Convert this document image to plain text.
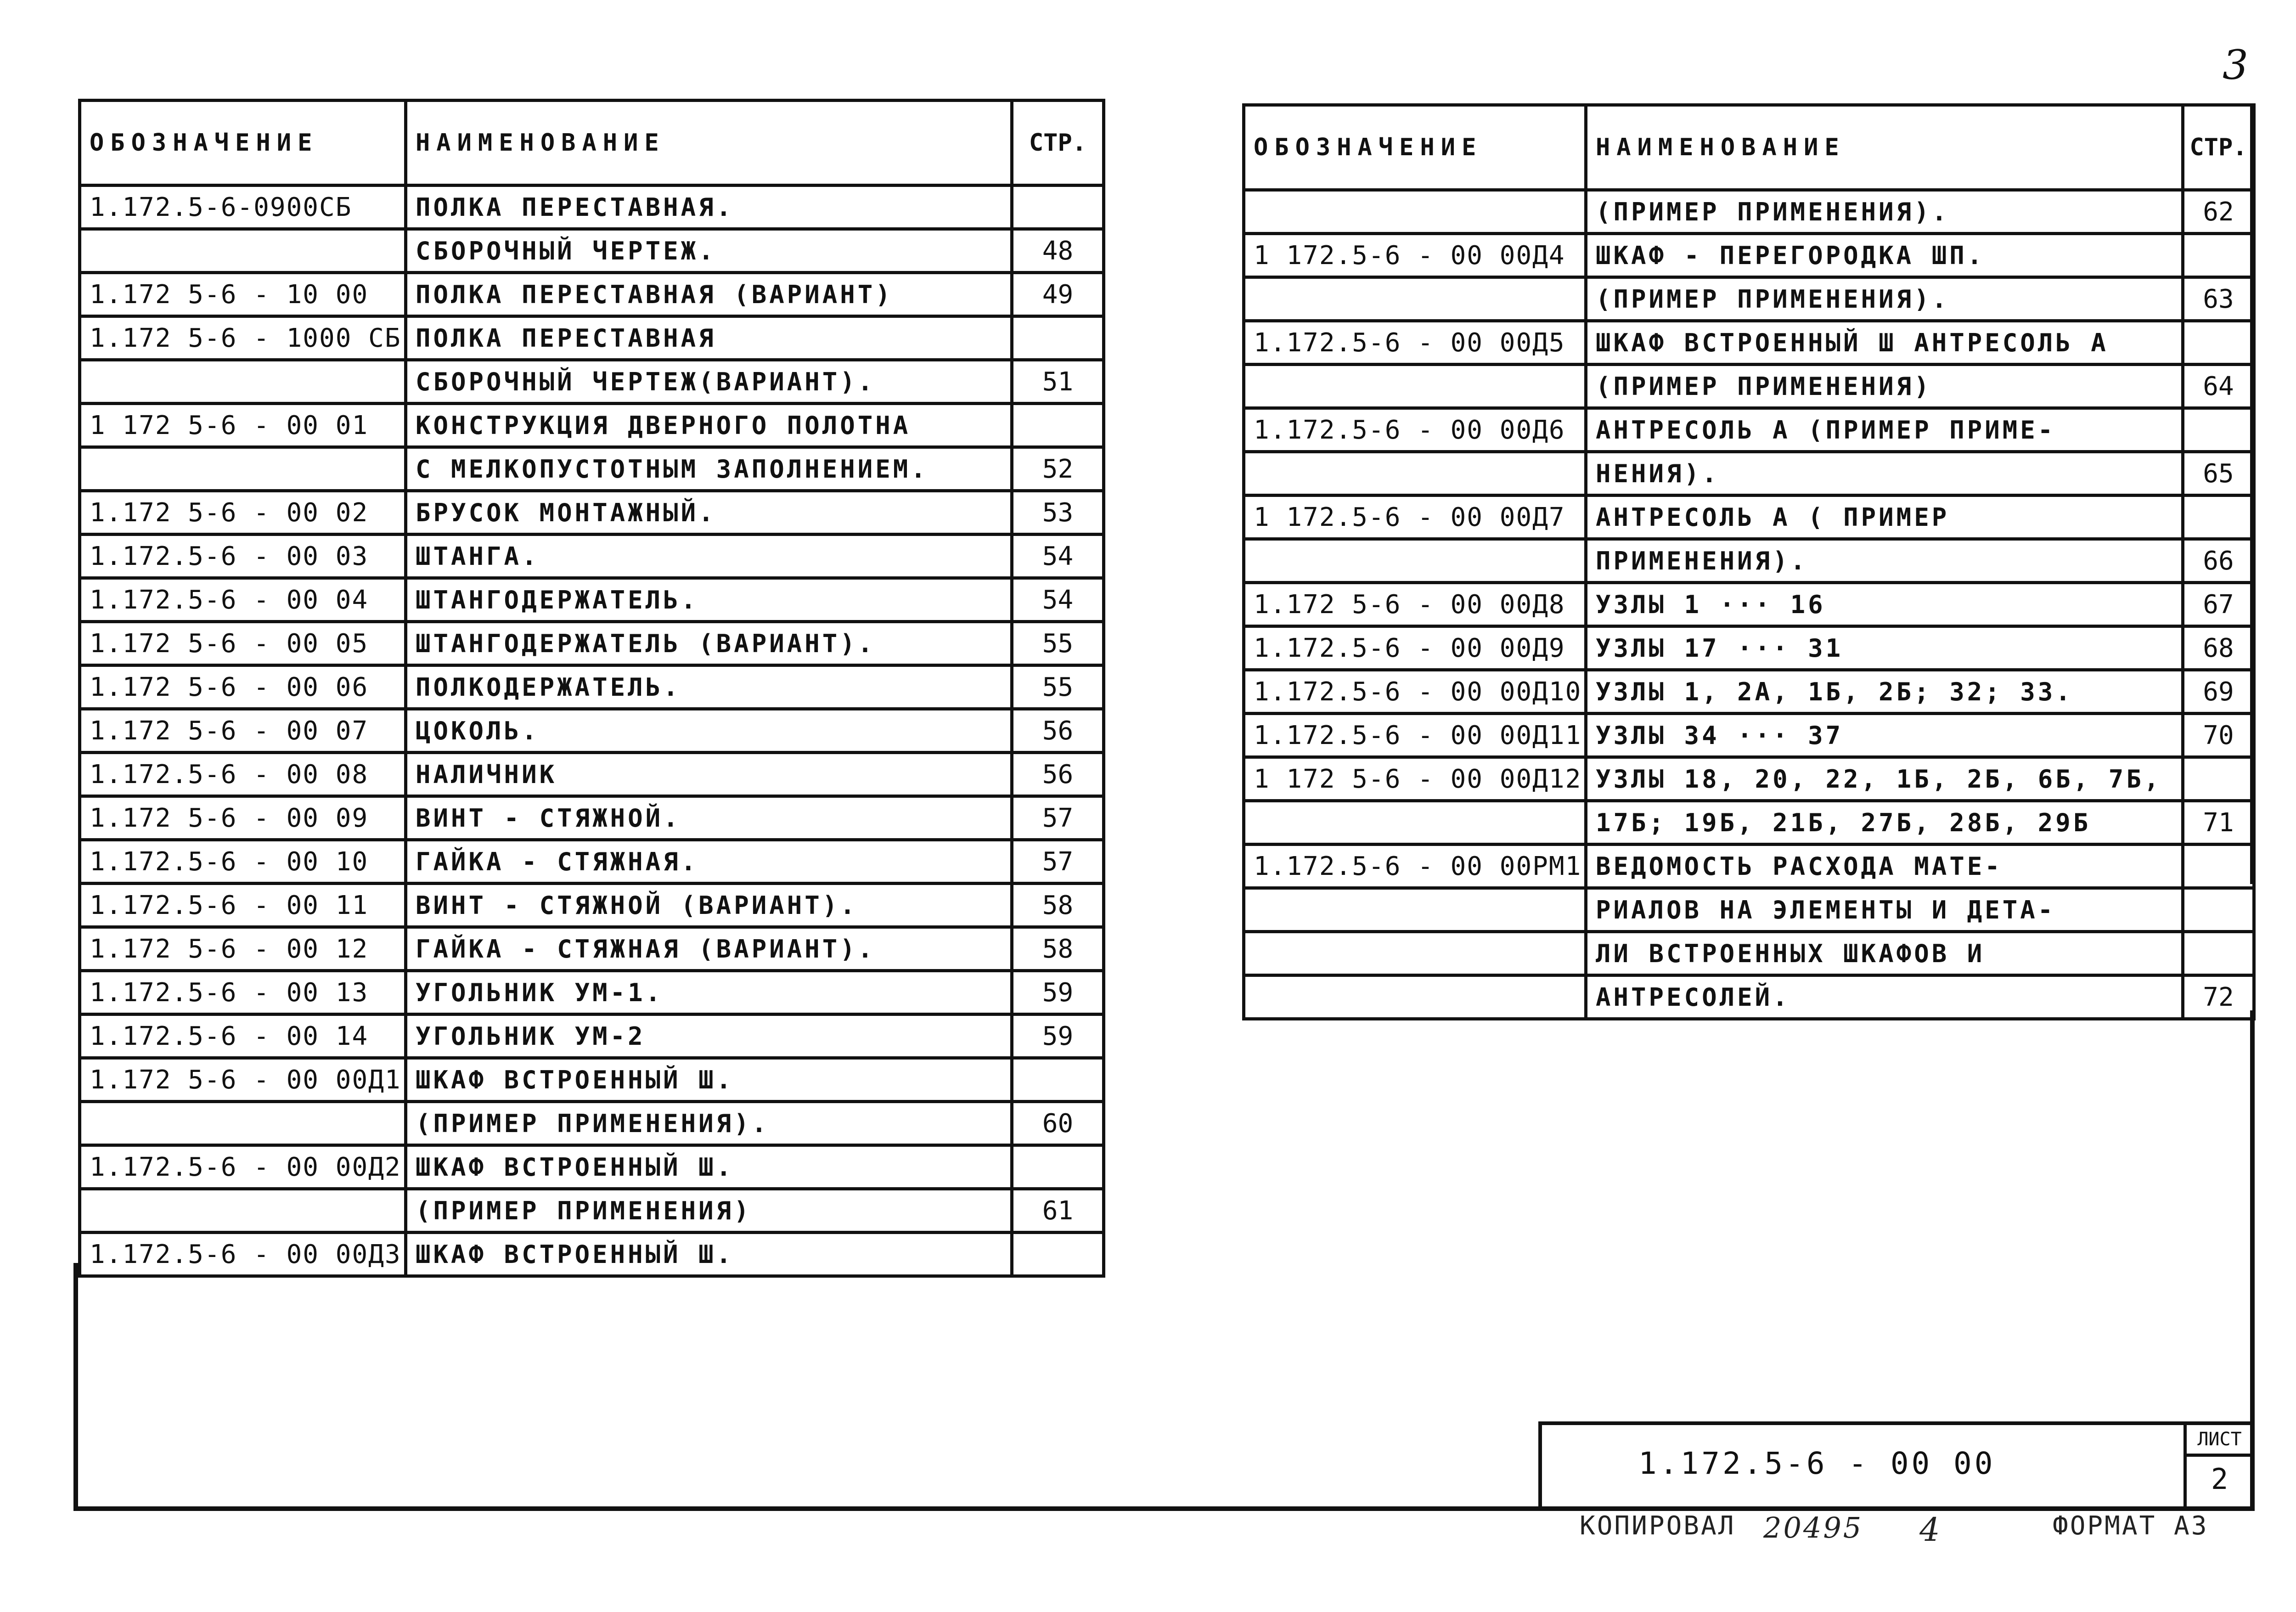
3
ОБОЗНАЧЕНИЕ	НАИМЕНОВАНИЕ	СТР.
1.172.5-6-0900СБ	ПОЛКА ПЕРЕСТАВНАЯ.	
	СБОРОЧНЫЙ ЧЕРТЕЖ.	48
1.172 5-6 - 10 00	ПОЛКА ПЕРЕСТАВНАЯ (ВАРИАНТ)	49
1.172 5-6 - 1000 СБ	ПОЛКА ПЕРЕСТАВНАЯ	
	СБОРОЧНЫЙ ЧЕРТЕЖ(ВАРИАНТ).	51
1 172 5-6 - 00 01	КОНСТРУКЦИЯ ДВЕРНОГО ПОЛОТНА	
	С МЕЛКОПУСТОТНЫМ ЗАПОЛНЕНИЕМ.	52
1.172 5-6 - 00 02	БРУСОК МОНТАЖНЫЙ.	53
1.172.5-6 - 00 03	ШТАНГА.	54
1.172.5-6 - 00 04	ШТАНГОДЕРЖАТЕЛЬ.	54
1.172 5-6 - 00 05	ШТАНГОДЕРЖАТЕЛЬ (ВАРИАНТ).	55
1.172 5-6 - 00 06	ПОЛКОДЕРЖАТЕЛЬ.	55
1.172 5-6 - 00 07	ЦОКОЛЬ.	56
1.172.5-6 - 00 08	НАЛИЧНИК	56
1.172 5-6 - 00 09	ВИНТ - СТЯЖНОЙ.	57
1.172.5-6 - 00 10	ГАЙКА - СТЯЖНАЯ.	57
1.172.5-6 - 00 11	ВИНТ - СТЯЖНОЙ (ВАРИАНТ).	58
1.172 5-6 - 00 12	ГАЙКА - СТЯЖНАЯ (ВАРИАНТ).	58
1.172.5-6 - 00 13	УГОЛЬНИК УМ-1.	59
1.172.5-6 - 00 14	УГОЛЬНИК УМ-2	59
1.172 5-6 - 00 00Д1	ШКАФ ВСТРОЕННЫЙ Ш.	
	(ПРИМЕР ПРИМЕНЕНИЯ).	60
1.172.5-6 - 00 00Д2	ШКАФ ВСТРОЕННЫЙ Ш.	
	(ПРИМЕР ПРИМЕНЕНИЯ)	61
1.172.5-6 - 00 00Д3	ШКАФ ВСТРОЕННЫЙ Ш.	
ОБОЗНАЧЕНИЕ	НАИМЕНОВАНИЕ	СТР.
	(ПРИМЕР ПРИМЕНЕНИЯ).	62
1 172.5-6 - 00 00Д4	ШКАФ - ПЕРЕГОРОДКА ШП.	
	(ПРИМЕР ПРИМЕНЕНИЯ).	63
1.172.5-6 - 00 00Д5	ШКАФ ВСТРОЕННЫЙ Ш АНТРЕСОЛЬ А	
	(ПРИМЕР ПРИМЕНЕНИЯ)	64
1.172.5-6 - 00 00Д6	АНТРЕСОЛЬ А (ПРИМЕР ПРИМЕ-	
	НЕНИЯ).	65
1 172.5-6 - 00 00Д7	АНТРЕСОЛЬ А ( ПРИМЕР	
	ПРИМЕНЕНИЯ).	66
1.172 5-6 - 00 00Д8	УЗЛЫ 1 ··· 16	67
1.172.5-6 - 00 00Д9	УЗЛЫ 17 ··· 31	68
1.172.5-6 - 00 00Д10	УЗЛЫ 1, 2А, 1Б, 2Б; 32; 33.	69
1.172.5-6 - 00 00Д11	УЗЛЫ 34 ··· 37	70
1 172 5-6 - 00 00Д12	УЗЛЫ 18, 20, 22, 1Б, 2Б, 6Б, 7Б,	
	17Б; 19Б, 21Б, 27Б, 28Б, 29Б	71
1.172.5-6 - 00 00РМ1	ВЕДОМОСТЬ РАСХОДА МАТЕ-	
	РИАЛОВ НА ЭЛЕМЕНТЫ И ДЕТА-	
	ЛИ ВСТРОЕННЫХ ШКАФОВ И	
	АНТРЕСОЛЕЙ.	72
1.172.5-6 - 00 00
ЛИСТ
2
КОПИРОВАЛ 20495 4	ФОРМАТ А3
